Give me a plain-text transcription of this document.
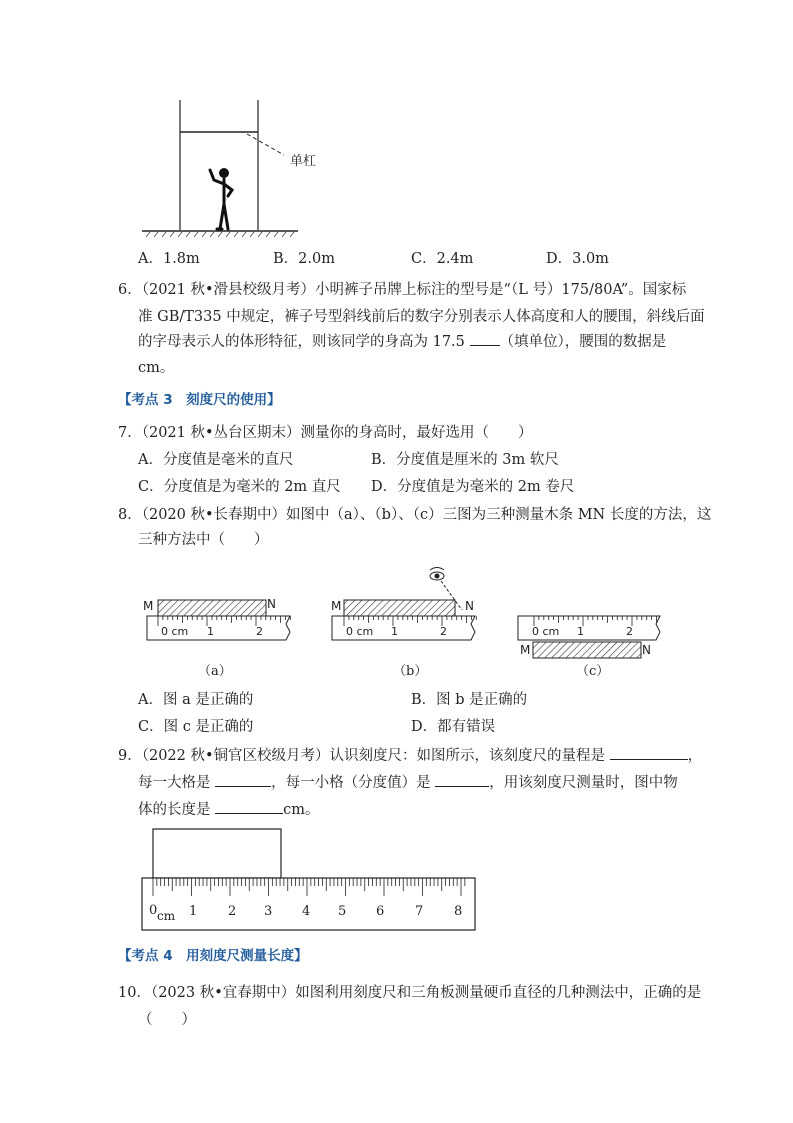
单杠
A．1.8m	B．2.0m	C．2.4m	D．3.0m
6．（2021 秋•滑县校级月考）小明裤子吊牌上标注的型号是“（L 号）175/80A”。国家标
准 GB/T335 中规定，裤子号型斜线前后的数字分别表示人体高度和人的腰围，斜线后面
的字母表示人的体形特征，则该同学的身高为 17.5 （填单位），腰围的数据是
cm。
【考点 3　刻度尺的使用】
7．（2021 秋•丛台区期末）测量你的身高时，最好选用（　　）
A．分度值是毫米的直尺	B．分度值是厘米的 3m 软尺
C．分度值是为毫米的 2m 直尺 D．分度值是为毫米的 2m 卷尺
8．（2020 秋•长春期中）如图中（a）、（b）、（c）三图为三种测量木条 MN 长度的方法，这
三种方法中（　　）
M	N
0 cm 1	2
（a）
M	N
0 cm 1	2
（b）
0 cm 1	2
M	N
（c）
A．图 a 是正确的	B．图 b 是正确的
C．图 c 是正确的	D．都有错误
9．（2022 秋•铜官区校级月考）认识刻度尺：如图所示，该刻度尺的量程是	，
每一大格是	，每一小格（分度值）是	，用该刻度尺测量时，图中物
体的长度是	cm。
0 cm 1 2 3 4 5 6 7 8
【考点 4　用刻度尺测量长度】
10．（2023 秋•宜春期中）如图利用刻度尺和三角板测量硬币直径的几种测法中，正确的是
（　　）
